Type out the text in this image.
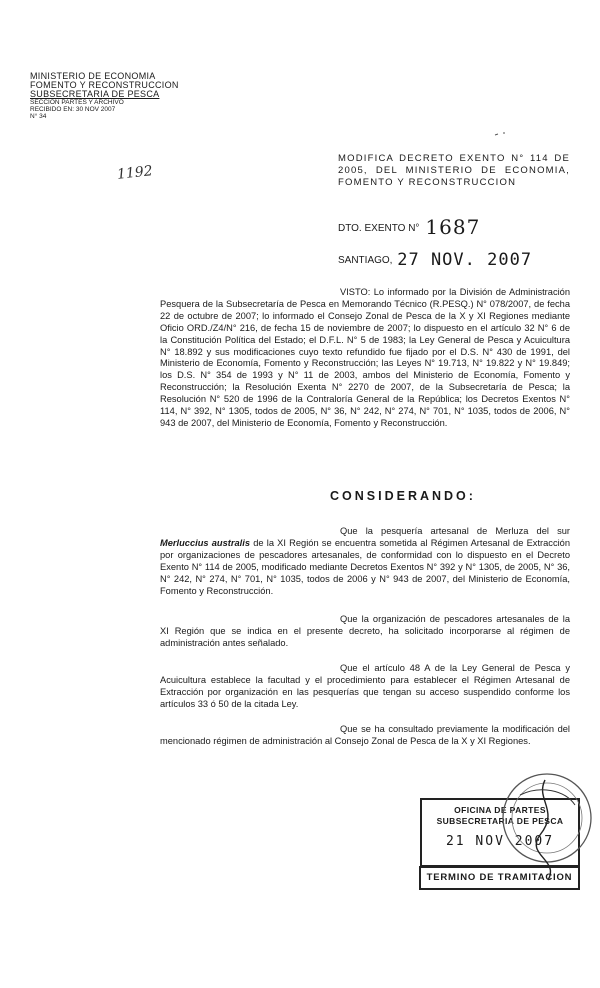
MINISTERIO DE ECONOMIA
FOMENTO Y RECONSTRUCCION
SUBSECRETARIA DE PESCA
SECCION PARTES Y ARCHIVO
RECIBIDO EN: 30 NOV 2007
N° 34
1192
MODIFICA DECRETO EXENTO N° 114 DE 2005, DEL MINISTERIO DE ECONOMIA, FOMENTO Y RECONSTRUCCION
DTO. EXENTO N° 1687
SANTIAGO, 27 NOV. 2007
VISTO: Lo informado por la División de Administración Pesquera de la Subsecretaría de Pesca en Memorando Técnico (R.PESQ.) N° 078/2007, de fecha 22 de octubre de 2007; lo informado el Consejo Zonal de Pesca de la X y XI Regiones mediante Oficio ORD./Z4/N° 216, de fecha 15 de noviembre de 2007; lo dispuesto en el artículo 32 N° 6 de la Constitución Política del Estado; el D.F.L. N° 5 de 1983; la Ley General de Pesca y Acuicultura N° 18.892 y sus modificaciones cuyo texto refundido fue fijado por el D.S. N° 430 de 1991, del Ministerio de Economía, Fomento y Reconstrucción; las Leyes N° 19.713, N° 19.822 y N° 19.849; los D.S. N° 354 de 1993 y N° 11 de 2003, ambos del Ministerio de Economía, Fomento y Reconstrucción; la Resolución Exenta N° 2270 de 2007, de la Subsecretaría de Pesca; la Resolución N° 520 de 1996 de la Contraloría General de la República; los Decretos Exentos N° 114, N° 392, N° 1305, todos de 2005, N° 36, N° 242, N° 274, N° 701, N° 1035, todos de 2006, N° 943 de 2007, del Ministerio de Economía, Fomento y Reconstrucción.
CONSIDERANDO:
Que la pesquería artesanal de Merluza del sur Merluccius australis de la XI Región se encuentra sometida al Régimen Artesanal de Extracción por organizaciones de pescadores artesanales, de conformidad con lo dispuesto en el Decreto Exento N° 114 de 2005, modificado mediante Decretos Exentos N° 392 y N° 1305, de 2005, N° 36, N° 242, N° 274, N° 701, N° 1035, todos de 2006 y N° 943 de 2007, del Ministerio de Economía, Fomento y Reconstrucción.
Que la organización de pescadores artesanales de la XI Región que se indica en el presente decreto, ha solicitado incorporarse al régimen de administración antes señalado.
Que el artículo 48 A de la Ley General de Pesca y Acuicultura establece la facultad y el procedimiento para establecer el Régimen Artesanal de Extracción por organización en las pesquerías que tengan su acceso suspendido conforme los artículos 33 ó 50 de la citada Ley.
Que se ha consultado previamente la modificación del mencionado régimen de administración al Consejo Zonal de Pesca de la X y XI Regiones.
OFICINA DE PARTES
SUBSECRETARIA DE PESCA
21 NOV 2007
TERMINO DE TRAMITACION
